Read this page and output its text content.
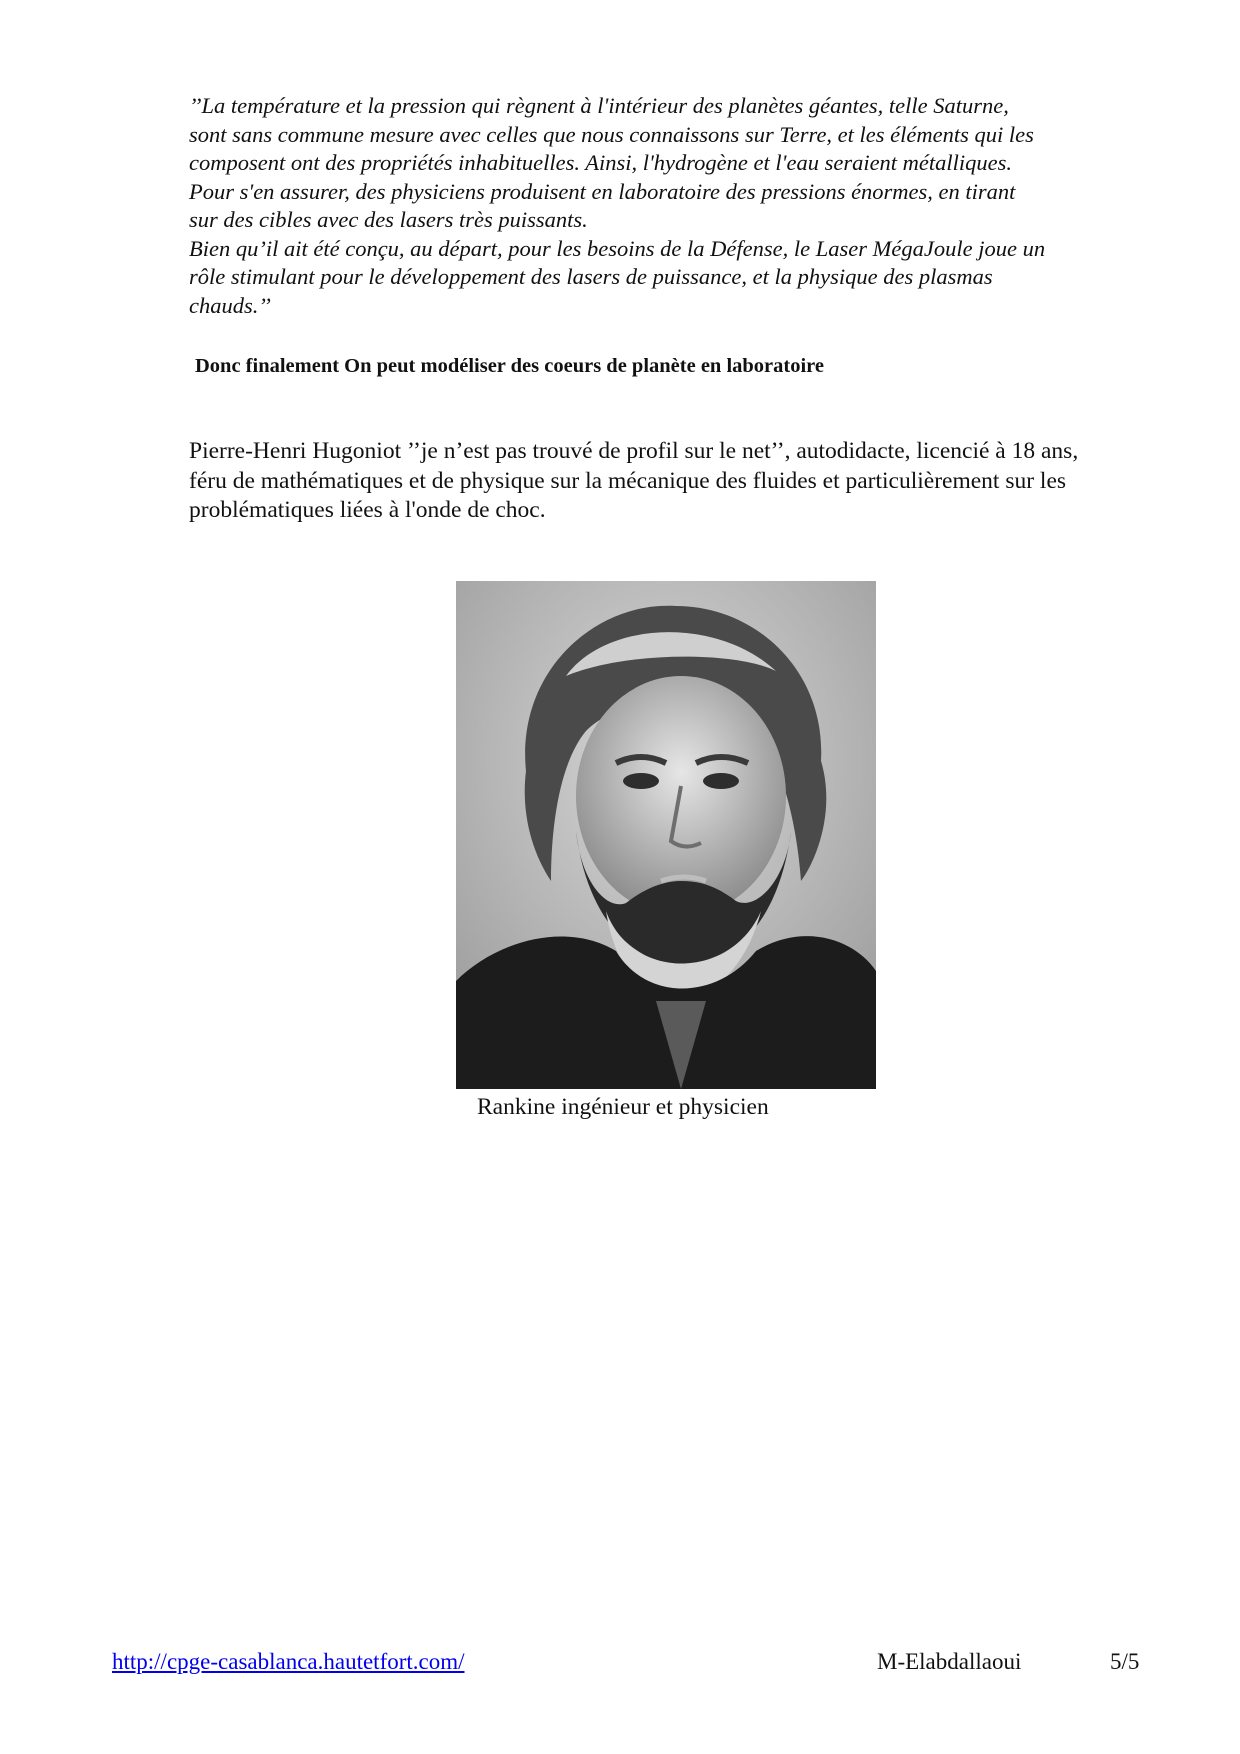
’’La température et la pression qui règnent à l'intérieur des planètes géantes, telle Saturne,
sont sans commune mesure avec celles que nous connaissons sur Terre, et les éléments qui les
composent ont des propriétés inhabituelles. Ainsi, l'hydrogène et l'eau seraient métalliques.
Pour s'en assurer, des physiciens produisent en laboratoire des pressions énormes, en tirant
sur des cibles avec des lasers très puissants.
Bien qu’il ait été conçu, au départ, pour les besoins de la Défense, le Laser MégaJoule joue un
rôle stimulant pour le développement des lasers de puissance, et la physique des plasmas
chauds.’’
Donc finalement On peut modéliser des coeurs de planète en laboratoire
Pierre-Henri Hugoniot ’’je n’est pas trouvé de profil sur le net’’, autodidacte, licencié à 18 ans,
féru de mathématiques et de physique sur la mécanique des fluides et particulièrement sur les
problématiques liées à l'onde de choc.
Rankine ingénieur et physicien
http://cpge-casablanca.hautetfort.com/	M-Elabdallaoui	5/5
